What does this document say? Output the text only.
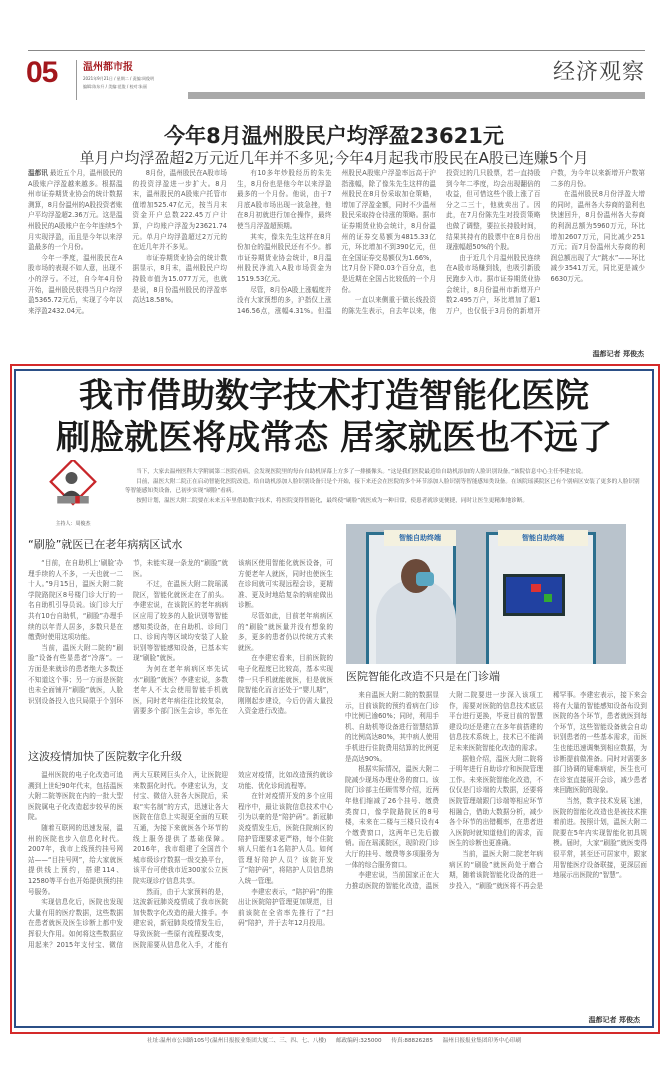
05	温州都市报
2021年9月21日 / 星期二 / 责编:周俊明
编辑:陈东升 / 美编:范俊 / 校对:朱丽
经济观察
今年8月温州股民户均浮盈23621元
单月户均浮盈超2万元近几年并不多见;今年4月起我市股民在A股已连赚5个月

温都讯 最近五个月，温州股民的A股账户浮盈越来越多。根据温州市证券期货业协会的统计数据测算，8月份温州的A股投资者账户平均浮盈超2.36万元。这是温州股民的A股账户在今年连续5个月实现浮盈，而且是今年以来浮盈最多的一个月份。

今年一季度，温州股民在A股市场的表现不如人意，出现不小的浮亏。不过，自今年4月份开始，温州股民获得当月户均浮盈5365.72元后，实现了今年以来浮盈2432.04元。

8月份，温州股民在A股市场的投资浮盈进一步扩大。8月末，温州股民的A股账户托管市值增加525.47亿元，按当月末资金开户总数222.45万户计算，户均账户浮盈为23621.74元。单月户均浮盈超过2万元的在近几年并不多见。

市证券期货业协会的统计数据显示，8月末，温州股民户均持股市值为15.077万元，也就是说，8月份温州股民的浮盈率高达18.58%。

有10多年炒股经历的朱先生，8月份也是他今年以来浮盈最多的一个月份。他说，由于7月底A股市场出现一波急挫，他在8月初就进行加仓操作，最终使当月浮盈超预期。

其实，像朱先生这样在8月份加仓的温州股民还有不少。都市证券期货业协会统计，8月温州股民净流入A股市场资金为1519.53亿元。

尽管，8月份A股上涨幅度并没有大家预想的多，沪指仅上涨146.56点，涨幅4.31%。但温州股民A股账户浮盈率远高于沪指涨幅，除了像朱先生这样的温州股民在8月份采取加仓策略，增加了浮盈金额，同时不少温州股民采取持仓待涨的策略。据市证券期货业协会统计，8月份温州的证券交易额为4815.33亿元，环比增加不到390亿元，但在全国证券交易额仅为1.66%，比7月份下降0.03个百分点，也是近期在全国占比较低的一个月份。

一直以来侧重于做长线投资的陈先生表示，自去年以来，他投资过的几只股票，若一直持股到今年二季度，均会出现翻倍的收益，但可惜这些个股上涨了百分之二三十，他就卖出了。因此，在7月份陈先生对投资策略也做了调整，要拉长持股时间，结果其持有的股票中在8月份出现涨幅超50%的个股。

由于近几个月温州股民连续在A股市场赚到钱，也吸引新股民跑步入市。据市证券期货业协会统计，8月份温州市新增开户数2.495万户，环比增加了超1万户，也仅低于3月份的新增开户数，为今年以来新增开户数第二多的月份。

在温州股民8月份浮盈大增的同时，温州各大券商的盈利也快速回升，8月份温州各大券商的利润总额为5960万元，环比增加2607万元，同比减少251万元；而7月份温州大券商的利润总额出现了大“跳水”——环比减少3541万元，同比更是减少6630万元。

温都记者 郑俊杰
我市借助数字技术打造智能化医院
刷脸就医将成常态 居家就医也不远了
主持人：周俊杰

当下，大家去温州医科大学附属第二医院看病，会发现医院里的每台自助机屏幕上方多了一排摄像头。“这是我们医院最近给自助机添加的人脸识别设备。”该院信息中心主任李建宏说。

目前，温医大附二院正在启动智能化医院改造，给自助机添加人脸识别设备只是个开始，接下来还会在医院的多个环节添加人脸识别等智能感知类设备。在该院瑶溪院区已有个别病区安装了更多的人脸识别等智能感知类设备，已初步实现“刷脸”看病。

按照计划，温医大附二院要在未来五年里借助数字技术，将医院变得智能化，最终使“刷脸”就医成为一种日常，使患者就诊更便捷，同时让医生更精准地诊断。

“刷脸”就医已在老年病病区试水

“目前，在自助机上‘刷脸’办理手续的人不多，一天也就一二十人。”9月15日，温医大附二院学院路院区8号楼门诊大厅的一名自助机引导员说。该门诊大厅共有10台自助机，“刷脸”办理手续的以年青人居多，多数只是在缴费时使用这项功能。

当前，温医大附二院的“刷脸”设备有些显患者“冷落”。一方面是来就诊的患者绝大多数还不知道这个事；另一方面是医院也未全面铺开“刷脸”就医，人脸识别设备投入也只局限于个别环节，未能实现一条龙的“刷脸”就医。

不过，在温医大附二院瑶溪院区，智能化就医走在了前头。李建宏说，在该院区的老年病病区应用了较多的人脸识别等智能感知类设备，在自助机、诊间门口、诊间内等区域均安装了人脸识别等智能感知设备，已基本实现“刷脸”就医。

为何在老年病病区率先试水“刷脸”就医？李建宏说，多数老年人不太会使用智能手机就医，同时老年病往往比较复杂，需要多个部门医生会诊，率先在该病区使用智能化就医设备，可方便老年人就医，同时也使医生在诊间就可实现远程会诊，更精准、更及时地给复杂的病症做出诊断。

尽管如此，目前老年病病区的“刷脸”就医量并没有想象的多，更多的患者仍以传统方式来就医。

在李建宏看来，目前医院的电子化程度已比较高，基本实现带一只手机就能就医，但是就医院智能化而言还处于“婴儿期”，刚刚起步建设，今后仍需大量投入资金进行改造。

这波疫情加快了医院数字化升级

温州医院的电子化改造可追溯到上世纪90年代末，包括温医大附二院等医院在内的一批大型医院属电子化改造起步较早的医院。

随着互联网的迅速发展，温州的医院也步入信息化时代。2007年，我市上线预约挂号网站——“目挂号网”，给大家就医提供线上预约，搭建114、12580等平台也开始提供预约挂号服务。

实现信息化后，医院也发现大量有用的医疗数据，这些数据在患者就医及医生诊断上都中发挥很大作用。如何将这些数据应用起来？2015年支付宝、微信两大互联网巨头介入，让医院迎来数据化时代。李建宏认为，支付宝、微信入驻各大医院后，采取“实名制”的方式，迅速让各大医院在信息上实现更全面的互联互通，为接下来就医各个环节的线上服务提供了基础保障。2016年，我市组建了全国首个城市级诊疗数据一级交换平台，该平台可使我市近300家公立医院实现诊疗信息共享。

然而，由于大家预料的是，这波新冠肺炎疫情成了我市医院加快数字化改造的最大推手。李建宏说，新冠肺炎疫情发生后，导致医院一些原有流程要改变，医院需要从信息化入手，才能有效应对疫情，比如改造预约就诊功能、优化诊间流程等。

在针对疫情开发的多个应用程序中，最让该院信息技术中心引为以豪的是“陪护码”。新冠肺炎疫情发生后，医院住院病区的陪护管理要求更严格，每个住院病人只能有1名陪护人员。如何管理好陪护人员？该院开发了“陪护码”，将陪护人员信息纳入统一管理。

李建宏表示，“陪护码”的推出让医院陪护管理更加规范，目前该院在全省率先推行了“扫码”陪护，并于去年12月投用。

智能自助终端	智能自助终端
医院智能化改造不只是在门诊端

来自温医大附二院的数据显示，目前该院的预约看病在门诊中比例已逾60%；同时，利用手机、自助机等设备进行智慧结算的比例高达80%，其中病人使用手机进行住院费用结算的比例更是高达90%。

根据实际情况，温医大附二院减少现场办理业务的窗口。该院门诊部主任顾雪琴介绍，近两年他们缩减了26个挂号、缴费类窗口，像学院路院区的8号楼，未来在二楼与三楼只设有4个缴费窗口，这两年已先后撤销。而在瑶溪院区，现阶段门诊大厅的挂号、缴费等多项服务为一体的综合服务窗口。

李建宏说，当前国家正在大力推动医院的智能化改造，温医大附二院要进一步深入该项工作，需要对医院的信息技术底层平台进行更换，毕竟目前的智慧建设均还是建立在多年前搭建的信息技术系统上，技术已不能满足未来医院智能化改造的需求。

据他介绍，温医大附二院将于明年进行自助诊疗和医院管理工作。未来医院智能化改造，不仅仅是门诊端的大数据，还要将医院管理端跟门诊端等相应环节相融合，借助大数据分析，减少各个环节的出错概率，在患者进入医院时就知道他们的需求，而医生的诊断也更准确。

当前，温医大附二院老年病病区的“刷脸”就医尚处于磨合期，随着该院智能化设备的进一步投入，“刷脸”就医将不再会是稀罕事。李建宏表示，接下来会将有大量的智能感知设备布设到医院的各个环节，患者就医到每个环节，这些智能设备就会自动识别患者的一些基本需求，而医生也能迅速调集到相应数据，为诊断提前做准备。同时对需要多部门协调的疑难病症，医生也可在诊室直接展开会诊，减少患者来回跑医院的现象。

当然，数字技术发展飞速，医院的智能化改造也是被技术推着前进。按照计划，温医大附二院要在5年内实现智能化初具规模。届时，大家“刷脸”就医变得很平常，甚至还可居家中，跟家用智能医疗设备联接，更深层面地展示出医院的“智慧”。

温都记者 郑俊杰
社址:温州市公园路105号(温州日报报业集团大厦二、三、四、七、八楼) 邮政编码:325000 传真:88826285 温州日报报业集团印务中心印刷
